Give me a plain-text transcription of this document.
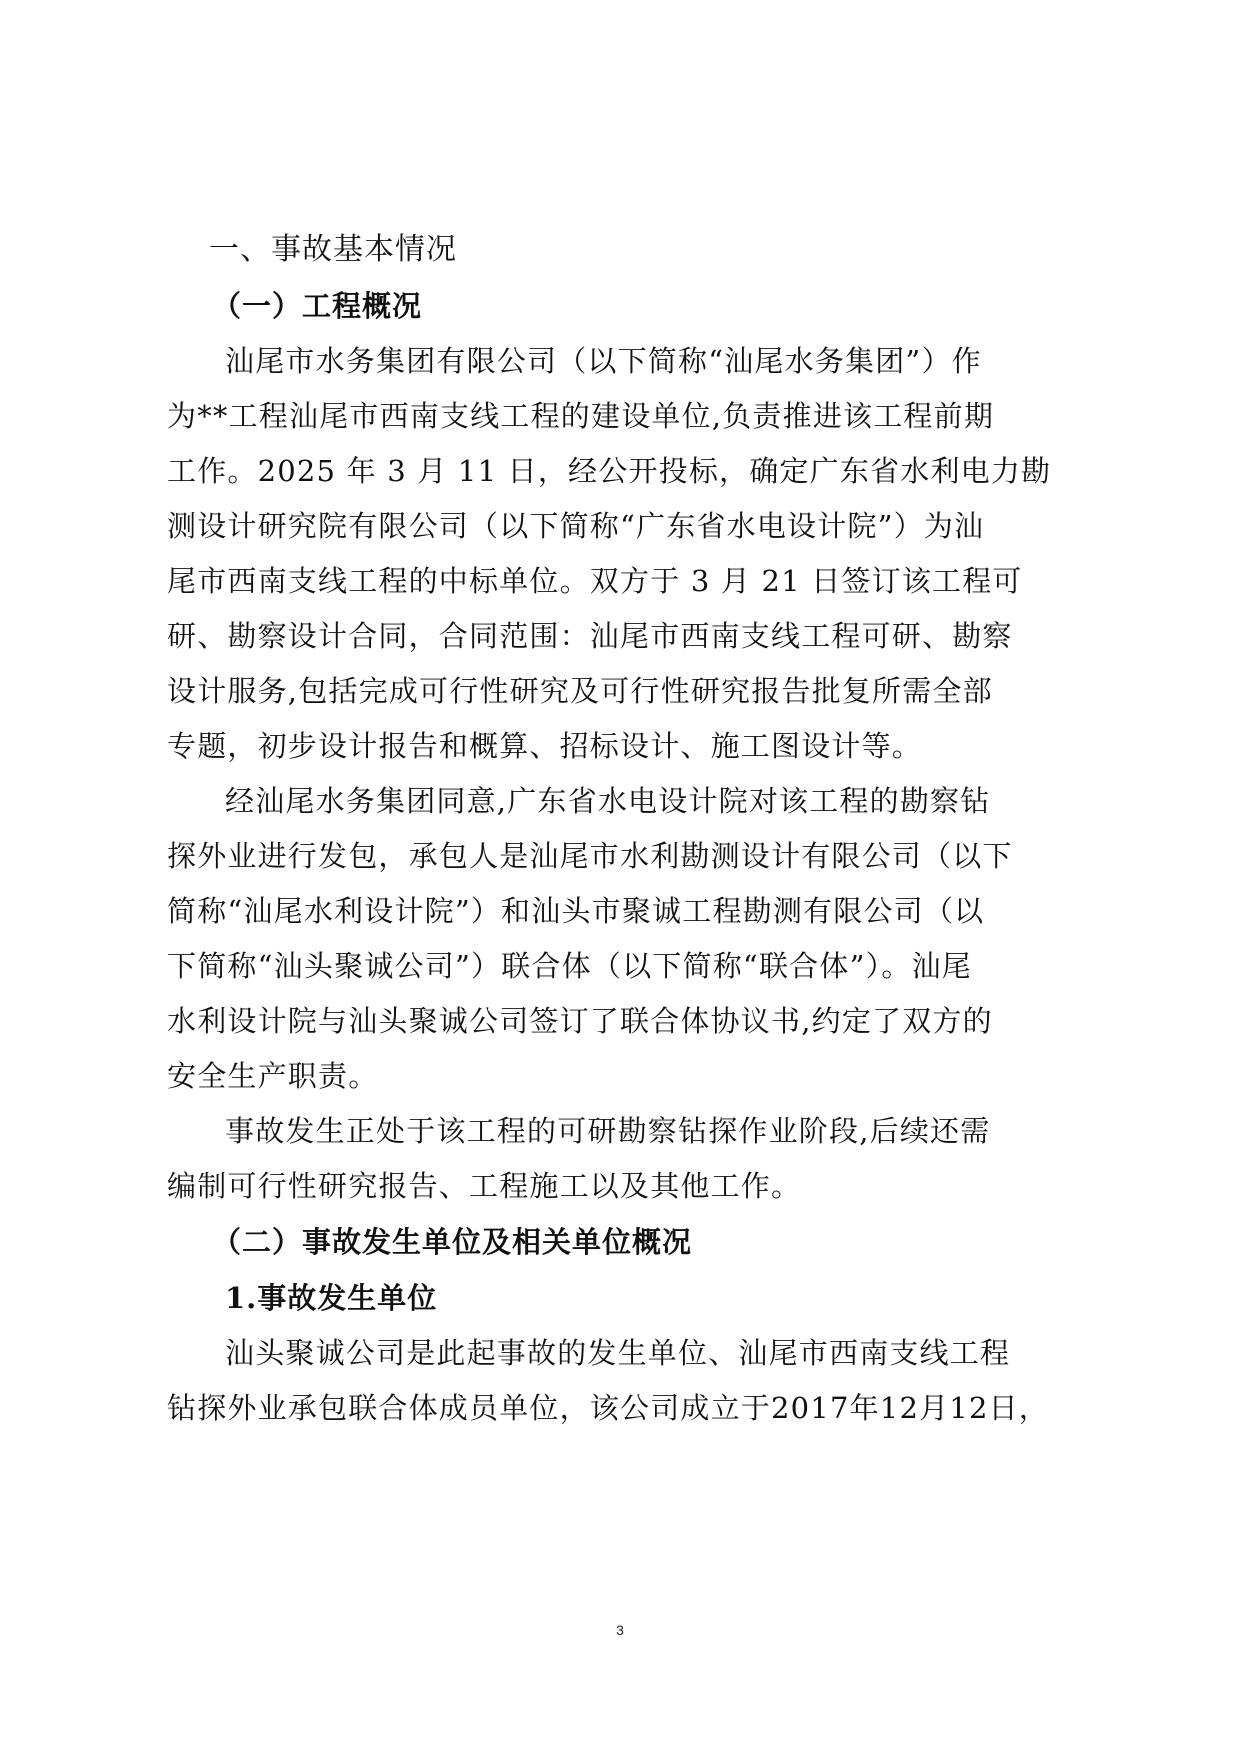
一、事故基本情况
（一）工程概况
汕尾市水务集团有限公司（以下简称“汕尾水务集团”）作
为**工程汕尾市西南支线工程的建设单位,负责推进该工程前期
工作。2025 年 3 月 11 日，经公开投标，确定广东省水利电力勘
测设计研究院有限公司（以下简称“广东省水电设计院”）为汕
尾市西南支线工程的中标单位。双方于 3 月 21 日签订该工程可
研、勘察设计合同，合同范围：汕尾市西南支线工程可研、勘察
设计服务,包括完成可行性研究及可行性研究报告批复所需全部
专题，初步设计报告和概算、招标设计、施工图设计等。
经汕尾水务集团同意,广东省水电设计院对该工程的勘察钻
探外业进行发包，承包人是汕尾市水利勘测设计有限公司（以下
简称“汕尾水利设计院”）和汕头市聚诚工程勘测有限公司（以
下简称“汕头聚诚公司”）联合体（以下简称“联合体”）。汕尾
水利设计院与汕头聚诚公司签订了联合体协议书,约定了双方的
安全生产职责。
事故发生正处于该工程的可研勘察钻探作业阶段,后续还需
编制可行性研究报告、工程施工以及其他工作。
（二）事故发生单位及相关单位概况
1.事故发生单位
汕头聚诚公司是此起事故的发生单位、汕尾市西南支线工程
钻探外业承包联合体成员单位，该公司成立于2017年12月12日，
3
